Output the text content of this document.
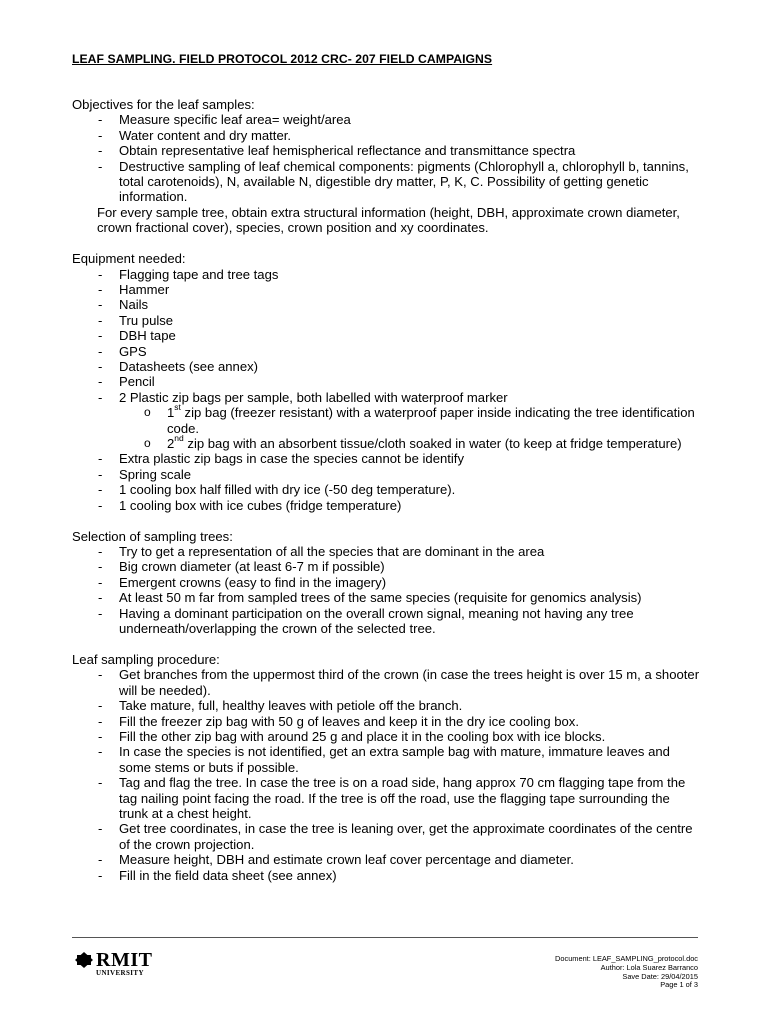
LEAF SAMPLING. FIELD PROTOCOL 2012 CRC- 207 FIELD CAMPAIGNS

Objectives for the leaf samples:

- Measure specific leaf area= weight/area
- Water content and dry matter.
- Obtain representative leaf hemispherical reflectance and transmittance spectra
- Destructive sampling of leaf chemical components: pigments (Chlorophyll a, chlorophyll b, tannins, total carotenoids), N, available N, digestible dry matter, P, K, C. Possibility of getting genetic information.

For every sample tree, obtain extra structural information (height, DBH, approximate crown diameter, crown fractional cover), species, crown position and xy coordinates.

Equipment needed:

- Flagging tape and tree tags
- Hammer
- Nails
- Tru pulse
- DBH tape
- GPS
- Datasheets (see annex)
- Pencil
- 2 Plastic zip bags per sample, both labelled with waterproof marker
o 1st zip bag (freezer resistant) with a waterproof paper inside indicating the tree identification code.
o 2nd zip bag with an absorbent tissue/cloth soaked in water (to keep at fridge temperature)
- Extra plastic zip bags in case the species cannot be identify
- Spring scale
- 1 cooling box half filled with dry ice (-50 deg temperature).
- 1 cooling box with ice cubes (fridge temperature)

Selection of sampling trees:

- Try to get a representation of all the species that are dominant in the area
- Big crown diameter (at least 6-7 m if possible)
- Emergent crowns (easy to find in the imagery)
- At least 50 m far from sampled trees of the same species (requisite for genomics analysis)
- Having a dominant participation on the overall crown signal, meaning not having any tree underneath/overlapping the crown of the selected tree.

Leaf sampling procedure:

- Get branches from the uppermost third of the crown (in case the trees height is over 15 m, a shooter will be needed).
- Take mature, full, healthy leaves with petiole off the branch.
- Fill the freezer zip bag with 50 g of leaves and keep it in the dry ice cooling box.
- Fill the other zip bag with around 25 g and place it in the cooling box with ice blocks.
- In case the species is not identified, get an extra sample bag with mature, immature leaves and some stems or buts if possible.
- Tag and flag the tree. In case the tree is on a road side, hang approx 70 cm flagging tape from the tag nailing point facing the road. If the tree is off the road, use the flagging tape surrounding the trunk at a chest height.
- Get tree coordinates, in case the tree is leaning over, get the approximate coordinates of the centre of the crown projection.
- Measure height, DBH and estimate crown leaf cover percentage and diameter.
- Fill in the field data sheet (see annex)
RMIT
UNIVERSITY
Document: LEAF_SAMPLING_protocol.doc
Author: Lola Suarez Barranco
Save Date: 29/04/2015
Page 1 of 3
